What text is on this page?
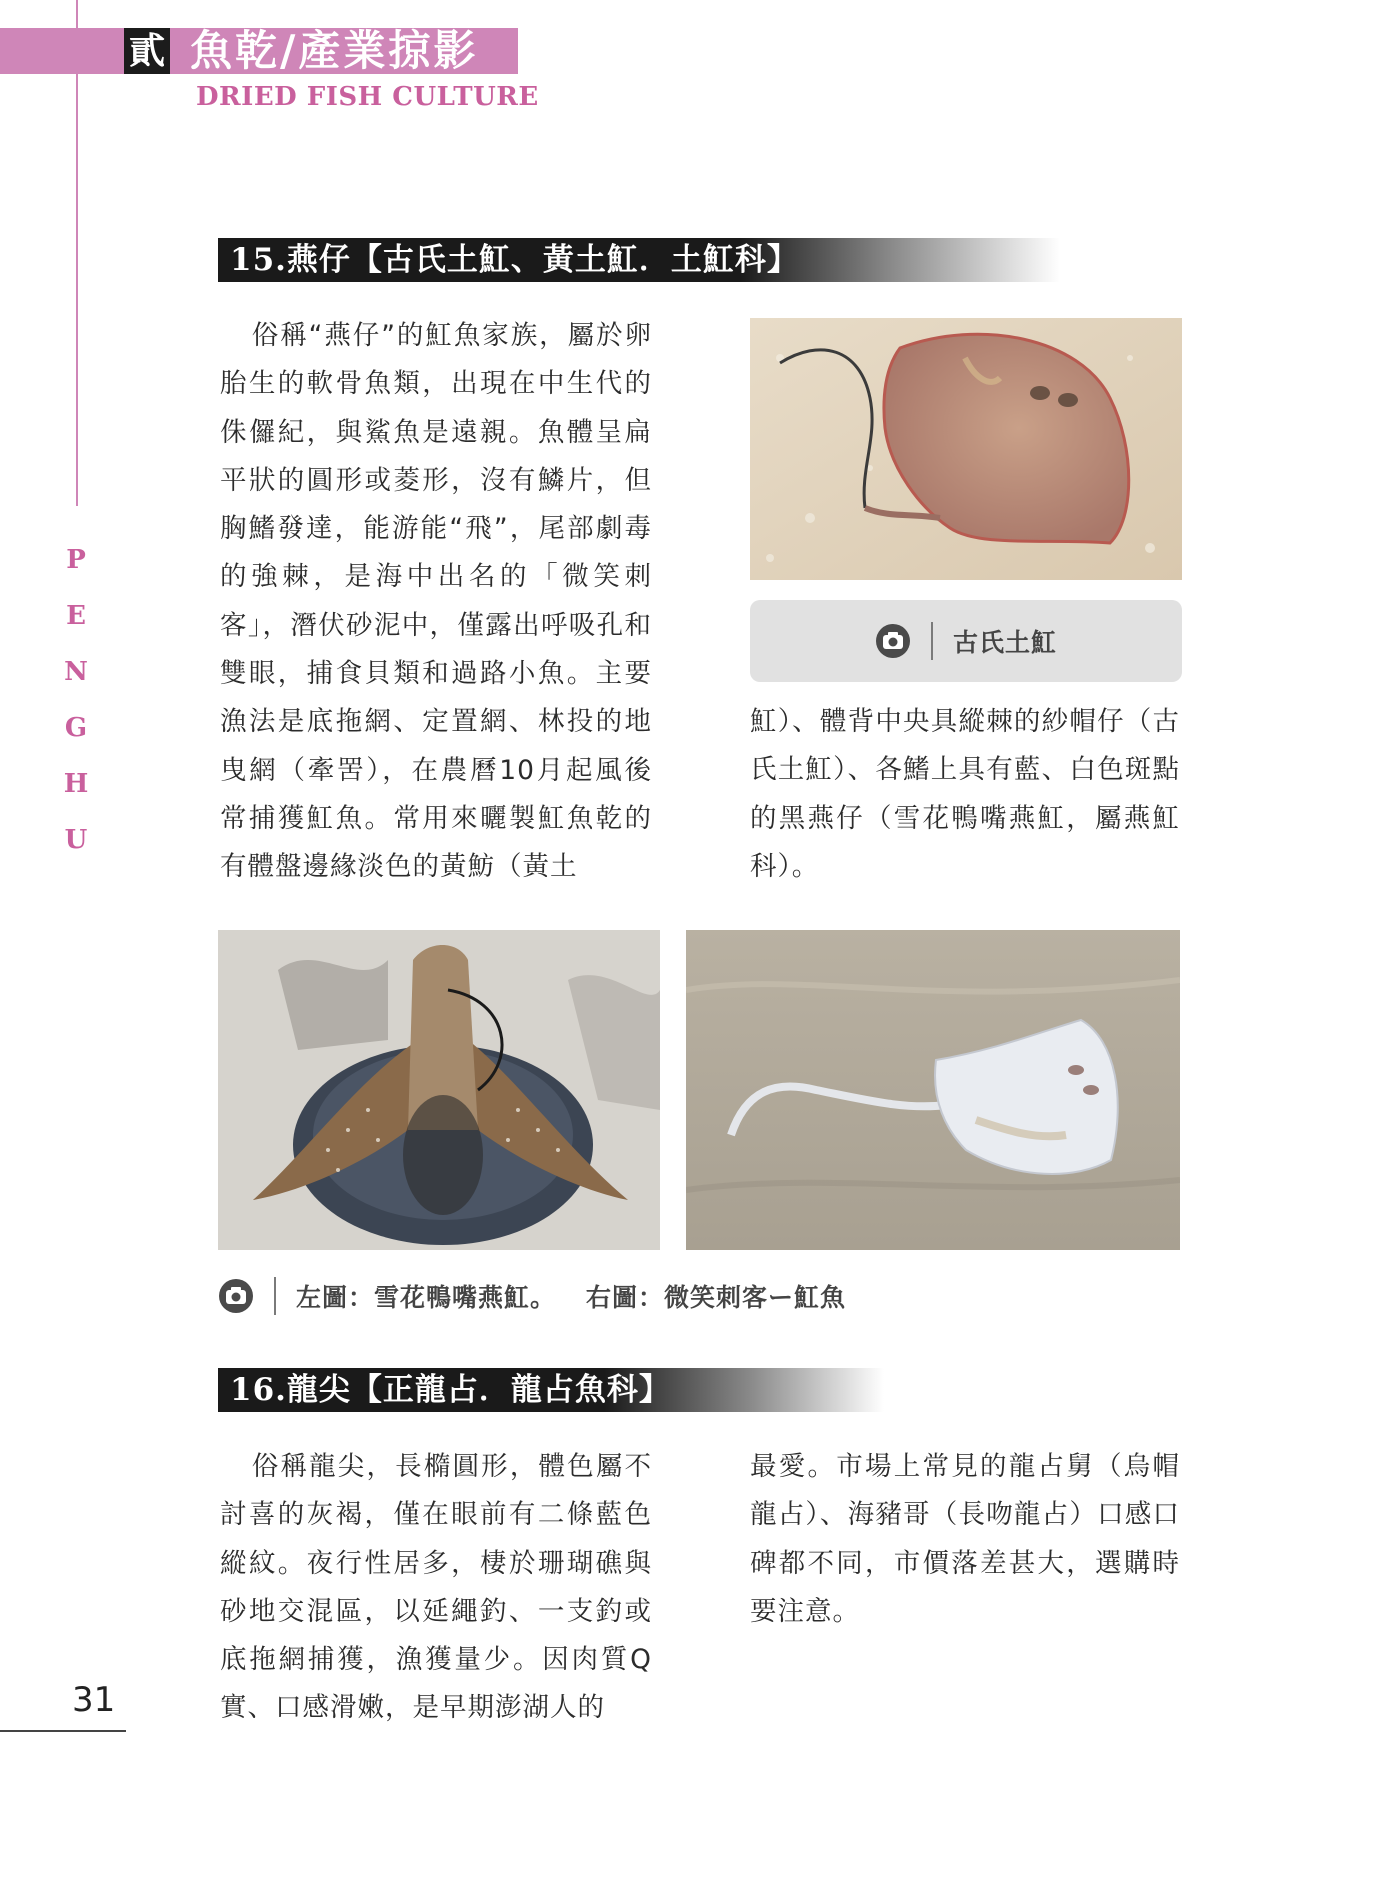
貳 魚乾/產業掠影
DRIED FISH CULTURE
P
E
N
G
H
U
15.燕仔【古氏土魟、黃土魟．土魟科】

俗稱“燕仔”的魟魚家族，屬於卵胎生的軟骨魚類，出現在中生代的侏儸紀，與鯊魚是遠親。魚體呈扁平狀的圓形或菱形，沒有鱗片，但胸鰭發達，能游能“飛”，尾部劇毒的強棘，是海中出名的「微笑刺客」，潛伏砂泥中，僅露出呼吸孔和雙眼，捕食貝類和過路小魚。主要漁法是底拖網、定置網、林投的地曳網（牽罟），在農曆10月起風後常捕獲魟魚。常用來曬製魟魚乾的有體盤邊緣淡色的黃魴（黃土

古氏土魟

魟）、體背中央具縱棘的紗帽仔（古氏土魟）、各鰭上具有藍、白色斑點的黑燕仔（雪花鴨嘴燕魟，屬燕魟科）。

左圖：雪花鴨嘴燕魟。 右圖：微笑刺客ー魟魚
16.龍尖【正龍占．龍占魚科】

俗稱龍尖，長橢圓形，體色屬不討喜的灰褐，僅在眼前有二條藍色縱紋。夜行性居多，棲於珊瑚礁與砂地交混區，以延繩釣、一支釣或底拖網捕獲，漁獲量少。因肉質Q實、口感滑嫩，是早期澎湖人的

最愛。市場上常見的龍占舅（烏帽龍占）、海豬哥（長吻龍占）口感口碑都不同，市價落差甚大，選購時要注意。

31
